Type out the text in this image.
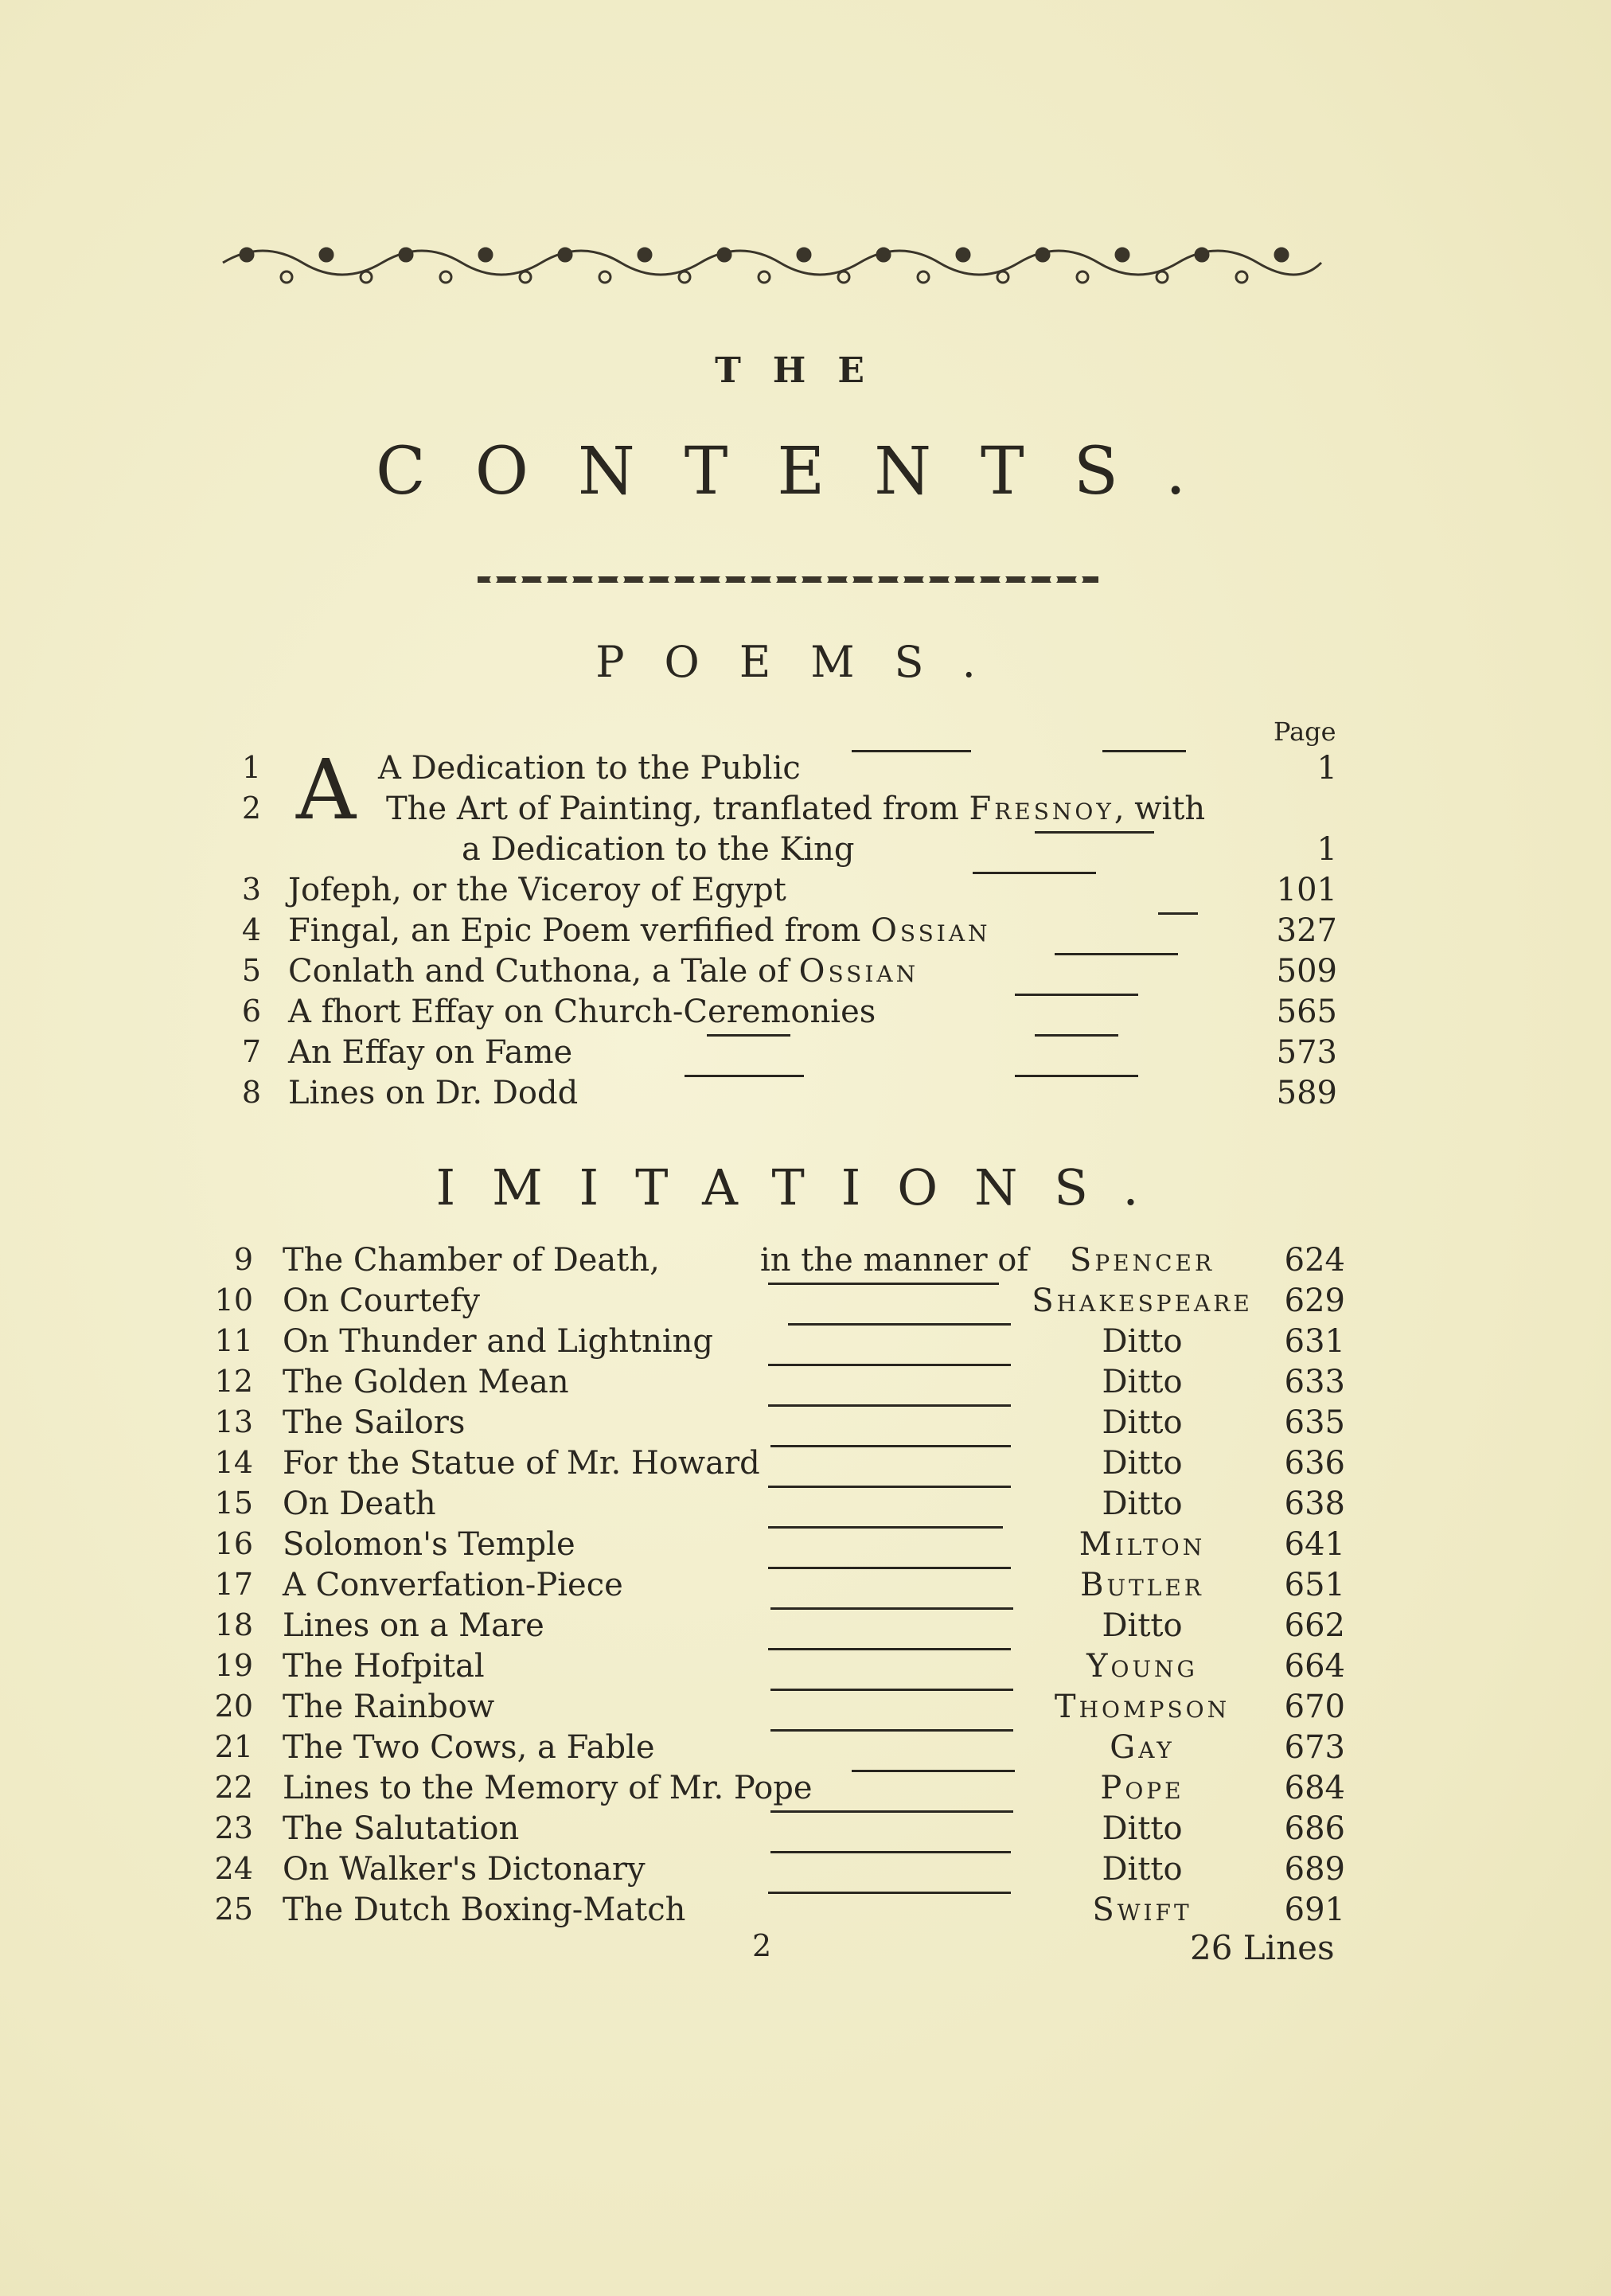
THE
CONTENTS.
POEMS.
Page
A
1	A Dedication to the Public	1
2	The Art of Painting, tranflated from Fresnoy, with
a Dedication to the King	1
3 Jofeph, or the Viceroy of Egypt	101
4 Fingal, an Epic Poem verfified from Ossian	327
5 Conlath and Cuthona, a Tale of Ossian	509
6 A fhort Effay on Church-Ceremonies	565
7 An Effay on Fame	573
8 Lines on Dr. Dodd	589
IMITATIONS.
9 The Chamber of Death,	in the manner of	Spencer	624
10 On Courtefy	Shakespeare 629
11 On Thunder and Lightning	Ditto	631
12 The Golden Mean	Ditto	633
13 The Sailors	Ditto	635
14 For the Statue of Mr. Howard	Ditto	636
15 On Death	Ditto	638
16 Solomon's Temple	Milton	641
17 A Converfation-Piece	Butler	651
18 Lines on a Mare	Ditto	662
19 The Hofpital	Young	664
20 The Rainbow	Thompson	670
21 The Two Cows, a Fable	Gay	673
22 Lines to the Memory of Mr. Pope	Pope	684
23 The Salutation	Ditto	686
24 On Walker's Dictonary	Ditto	689
25 The Dutch Boxing-Match	Swift	691
2	26 Lines
